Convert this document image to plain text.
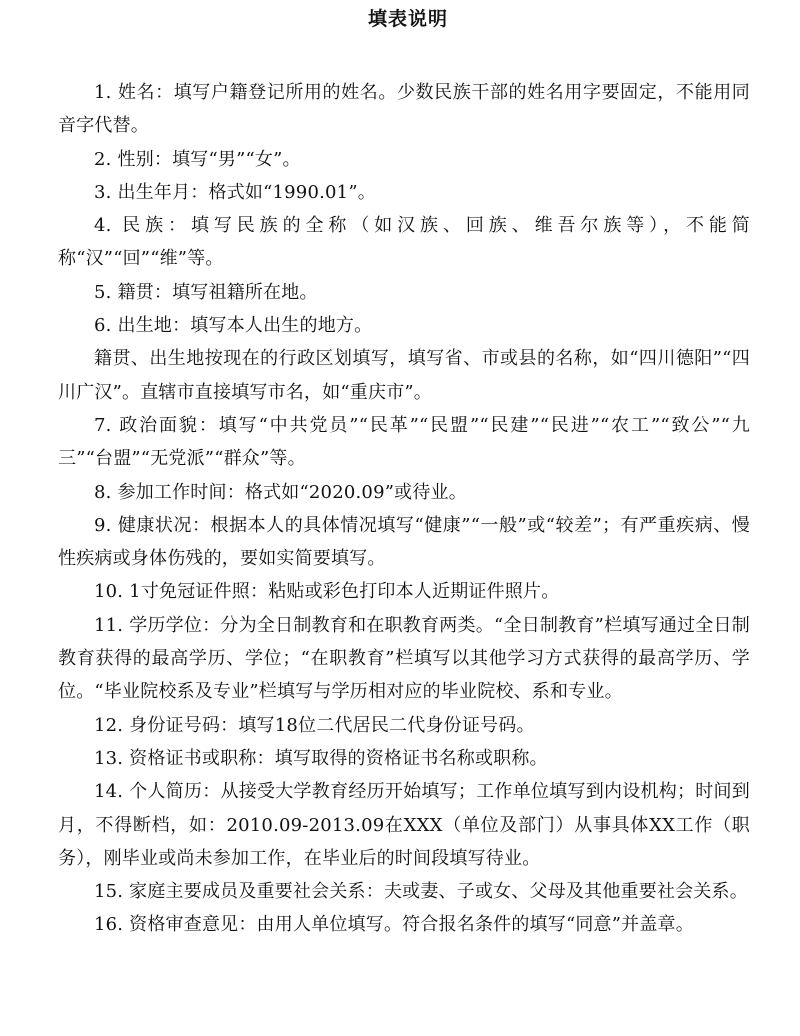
填表说明

1. 姓名：填写户籍登记所用的姓名。少数民族干部的姓名用字要固定，不能用同音字代替。

2. 性别：填写“男”“女”。

3. 出生年月：格式如“1990.01”。

4. 民族：填写民族的全称（如汉族、回族、维吾尔族等），不能简称“汉”“回”“维”等。

5. 籍贯：填写祖籍所在地。

6. 出生地：填写本人出生的地方。

籍贯、出生地按现在的行政区划填写，填写省、市或县的名称，如“四川德阳”“四川广汉”。直辖市直接填写市名，如“重庆市”。

7. 政治面貌：填写“中共党员”“民革”“民盟”“民建”“民进”“农工”“致公”“九三”“台盟”“无党派”“群众”等。

8. 参加工作时间：格式如“2020.09”或待业。

9. 健康状况：根据本人的具体情况填写“健康”“一般”或“较差”；有严重疾病、慢性疾病或身体伤残的，要如实简要填写。

10. 1寸免冠证件照：粘贴或彩色打印本人近期证件照片。

11. 学历学位：分为全日制教育和在职教育两类。“全日制教育”栏填写通过全日制教育获得的最高学历、学位；“在职教育”栏填写以其他学习方式获得的最高学历、学位。“毕业院校系及专业”栏填写与学历相对应的毕业院校、系和专业。

12. 身份证号码：填写18位二代居民二代身份证号码。

13. 资格证书或职称：填写取得的资格证书名称或职称。

14. 个人简历：从接受大学教育经历开始填写；工作单位填写到内设机构；时间到月，不得断档，如：2010.09-2013.09在XXX（单位及部门）从事具体XX工作（职务），刚毕业或尚未参加工作，在毕业后的时间段填写待业。

15. 家庭主要成员及重要社会关系：夫或妻、子或女、父母及其他重要社会关系。

16. 资格审查意见：由用人单位填写。符合报名条件的填写“同意”并盖章。
